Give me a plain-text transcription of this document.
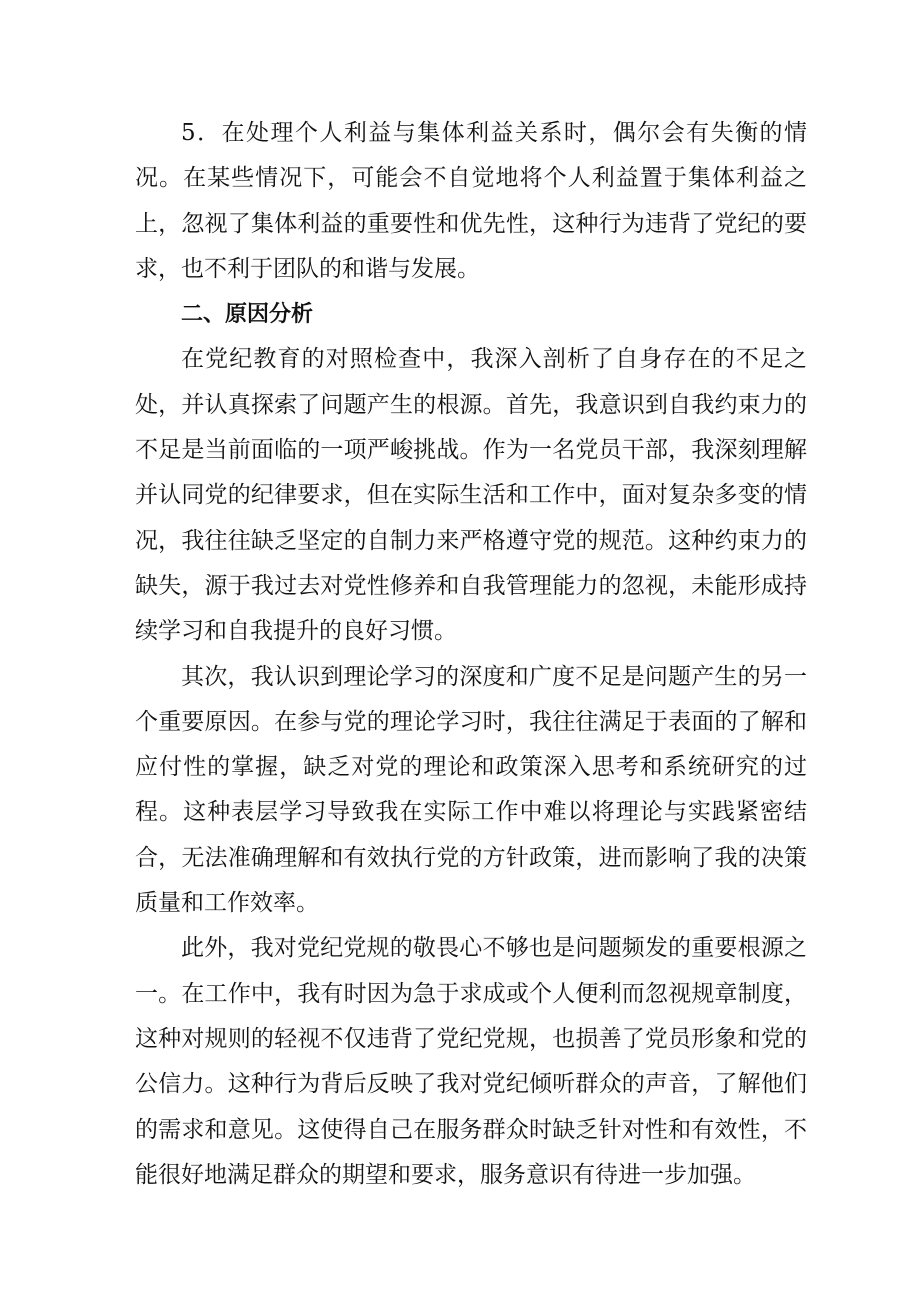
5．在处理个人利益与集体利益关系时，偶尔会有失衡的情况。在某些情况下，可能会不自觉地将个人利益置于集体利益之上，忽视了集体利益的重要性和优先性，这种行为违背了党纪的要求，也不利于团队的和谐与发展。

二、原因分析

在党纪教育的对照检查中，我深入剖析了自身存在的不足之处，并认真探索了问题产生的根源。首先，我意识到自我约束力的不足是当前面临的一项严峻挑战。作为一名党员干部，我深刻理解并认同党的纪律要求，但在实际生活和工作中，面对复杂多变的情况，我往往缺乏坚定的自制力来严格遵守党的规范。这种约束力的缺失，源于我过去对党性修养和自我管理能力的忽视，未能形成持续学习和自我提升的良好习惯。

其次，我认识到理论学习的深度和广度不足是问题产生的另一个重要原因。在参与党的理论学习时，我往往满足于表面的了解和应付性的掌握，缺乏对党的理论和政策深入思考和系统研究的过程。这种表层学习导致我在实际工作中难以将理论与实践紧密结合，无法准确理解和有效执行党的方针政策，进而影响了我的决策质量和工作效率。

此外，我对党纪党规的敬畏心不够也是问题频发的重要根源之一。在工作中，我有时因为急于求成或个人便利而忽视规章制度，这种对规则的轻视不仅违背了党纪党规，也损善了党员形象和党的公信力。这种行为背后反映了我对党纪倾听群众的声音，了解他们的需求和意见。这使得自己在服务群众时缺乏针对性和有效性，不能很好地满足群众的期望和要求，服务意识有待进一步加强。
